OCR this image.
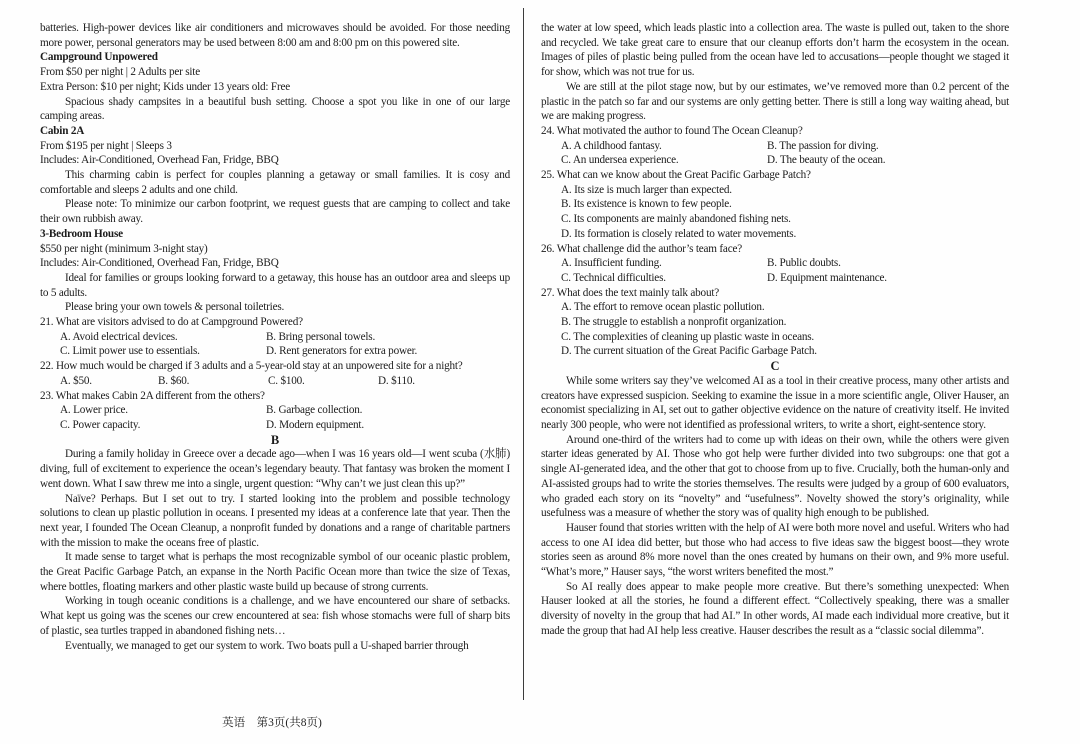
batteries. High-power devices like air conditioners and microwaves should be avoided. For those needing more power, personal generators may be used between 8:00 am and 8:00 pm on this powered site.

Campground Unpowered

From $50 per night | 2 Adults per site

Extra Person: $10 per night; Kids under 13 years old: Free

Spacious shady campsites in a beautiful bush setting. Choose a spot you like in one of our large camping areas.

Cabin 2A

From $195 per night | Sleeps 3

Includes: Air-Conditioned, Overhead Fan, Fridge, BBQ

This charming cabin is perfect for couples planning a getaway or small families. It is cosy and comfortable and sleeps 2 adults and one child.

Please note: To minimize our carbon footprint, we request guests that are camping to collect and take their own rubbish away.

3-Bedroom House

$550 per night (minimum 3-night stay)

Includes: Air-Conditioned, Overhead Fan, Fridge, BBQ

Ideal for families or groups looking forward to a getaway, this house has an outdoor area and sleeps up to 5 adults.

Please bring your own towels & personal toiletries.

21. What are visitors advised to do at Campground Powered?

A. Avoid electrical devices.	B. Bring personal towels.
C. Limit power use to essentials.	D. Rent generators for extra power.

22. How much would be charged if 3 adults and a 5-year-old stay at an unpowered site for a night?

A. $50.	B. $60.	C. $100.	D. $110.

23. What makes Cabin 2A different from the others?

A. Lower price.	B. Garbage collection.
C. Power capacity.	D. Modern equipment.

B

During a family holiday in Greece over a decade ago—when I was 16 years old—I went scuba (水肺) diving, full of excitement to experience the ocean’s legendary beauty. That fantasy was broken the moment I went down. What I saw threw me into a single, urgent question: “Why can’t we just clean this up?”

Naïve? Perhaps. But I set out to try. I started looking into the problem and possible technology solutions to clean up plastic pollution in oceans. I presented my ideas at a conference late that year. Then the next year, I founded The Ocean Cleanup, a nonprofit funded by donations and a range of charitable partners with the mission to make the oceans free of plastic.

It made sense to target what is perhaps the most recognizable symbol of our oceanic plastic problem, the Great Pacific Garbage Patch, an expanse in the North Pacific Ocean more than twice the size of Texas, where bottles, floating markers and other plastic waste build up because of strong currents.

Working in tough oceanic conditions is a challenge, and we have encountered our share of setbacks. What kept us going was the scenes our crew encountered at sea: fish whose stomachs were full of sharp bits of plastic, sea turtles trapped in abandoned fishing nets…

Eventually, we managed to get our system to work. Two boats pull a U-shaped barrier through

the water at low speed, which leads plastic into a collection area. The waste is pulled out, taken to the shore and recycled. We take great care to ensure that our cleanup efforts don’t harm the ecosystem in the ocean. Images of piles of plastic being pulled from the ocean have led to accusations—people thought we staged it for show, which was not true for us.

We are still at the pilot stage now, but by our estimates, we’ve removed more than 0.2 percent of the plastic in the patch so far and our systems are only getting better. There is still a long way waiting ahead, but we are making progress.

24. What motivated the author to found The Ocean Cleanup?

A. A childhood fantasy.	B. The passion for diving.
C. An undersea experience.	D. The beauty of the ocean.

25. What can we know about the Great Pacific Garbage Patch?

A. Its size is much larger than expected.
B. Its existence is known to few people.
C. Its components are mainly abandoned fishing nets.
D. Its formation is closely related to water movements.

26. What challenge did the author’s team face?

A. Insufficient funding.	B. Public doubts.
C. Technical difficulties.	D. Equipment maintenance.

27. What does the text mainly talk about?

A. The effort to remove ocean plastic pollution.
B. The struggle to establish a nonprofit organization.
C. The complexities of cleaning up plastic waste in oceans.
D. The current situation of the Great Pacific Garbage Patch.

C

While some writers say they’ve welcomed AI as a tool in their creative process, many other artists and creators have expressed suspicion. Seeking to examine the issue in a more scientific angle, Oliver Hauser, an economist specializing in AI, set out to gather objective evidence on the nature of creativity itself. He invited nearly 300 people, who were not identified as professional writers, to write a short, eight-sentence story.

Around one-third of the writers had to come up with ideas on their own, while the others were given starter ideas generated by AI. Those who got help were further divided into two subgroups: one that got a single AI-generated idea, and the other that got to choose from up to five. Crucially, both the human-only and AI-assisted groups had to write the stories themselves. The results were judged by a group of 600 evaluators, who graded each story on its “novelty” and “usefulness”. Novelty showed the story’s originality, while usefulness was a measure of whether the story was of quality high enough to be published.

Hauser found that stories written with the help of AI were both more novel and useful. Writers who had access to one AI idea did better, but those who had access to five ideas saw the biggest boost—they wrote stories seen as around 8% more novel than the ones created by humans on their own, and 9% more useful. “What’s more,” Hauser says, “the worst writers benefited the most.”

So AI really does appear to make people more creative. But there’s something unexpected: When Hauser looked at all the stories, he found a different effect. “Collectively speaking, there was a smaller diversity of novelty in the group that had AI.” In other words, AI made each individual more creative, but it made the group that had AI help less creative. Hauser describes the result as a “classic social dilemma”.

英语　第3页(共8页)
